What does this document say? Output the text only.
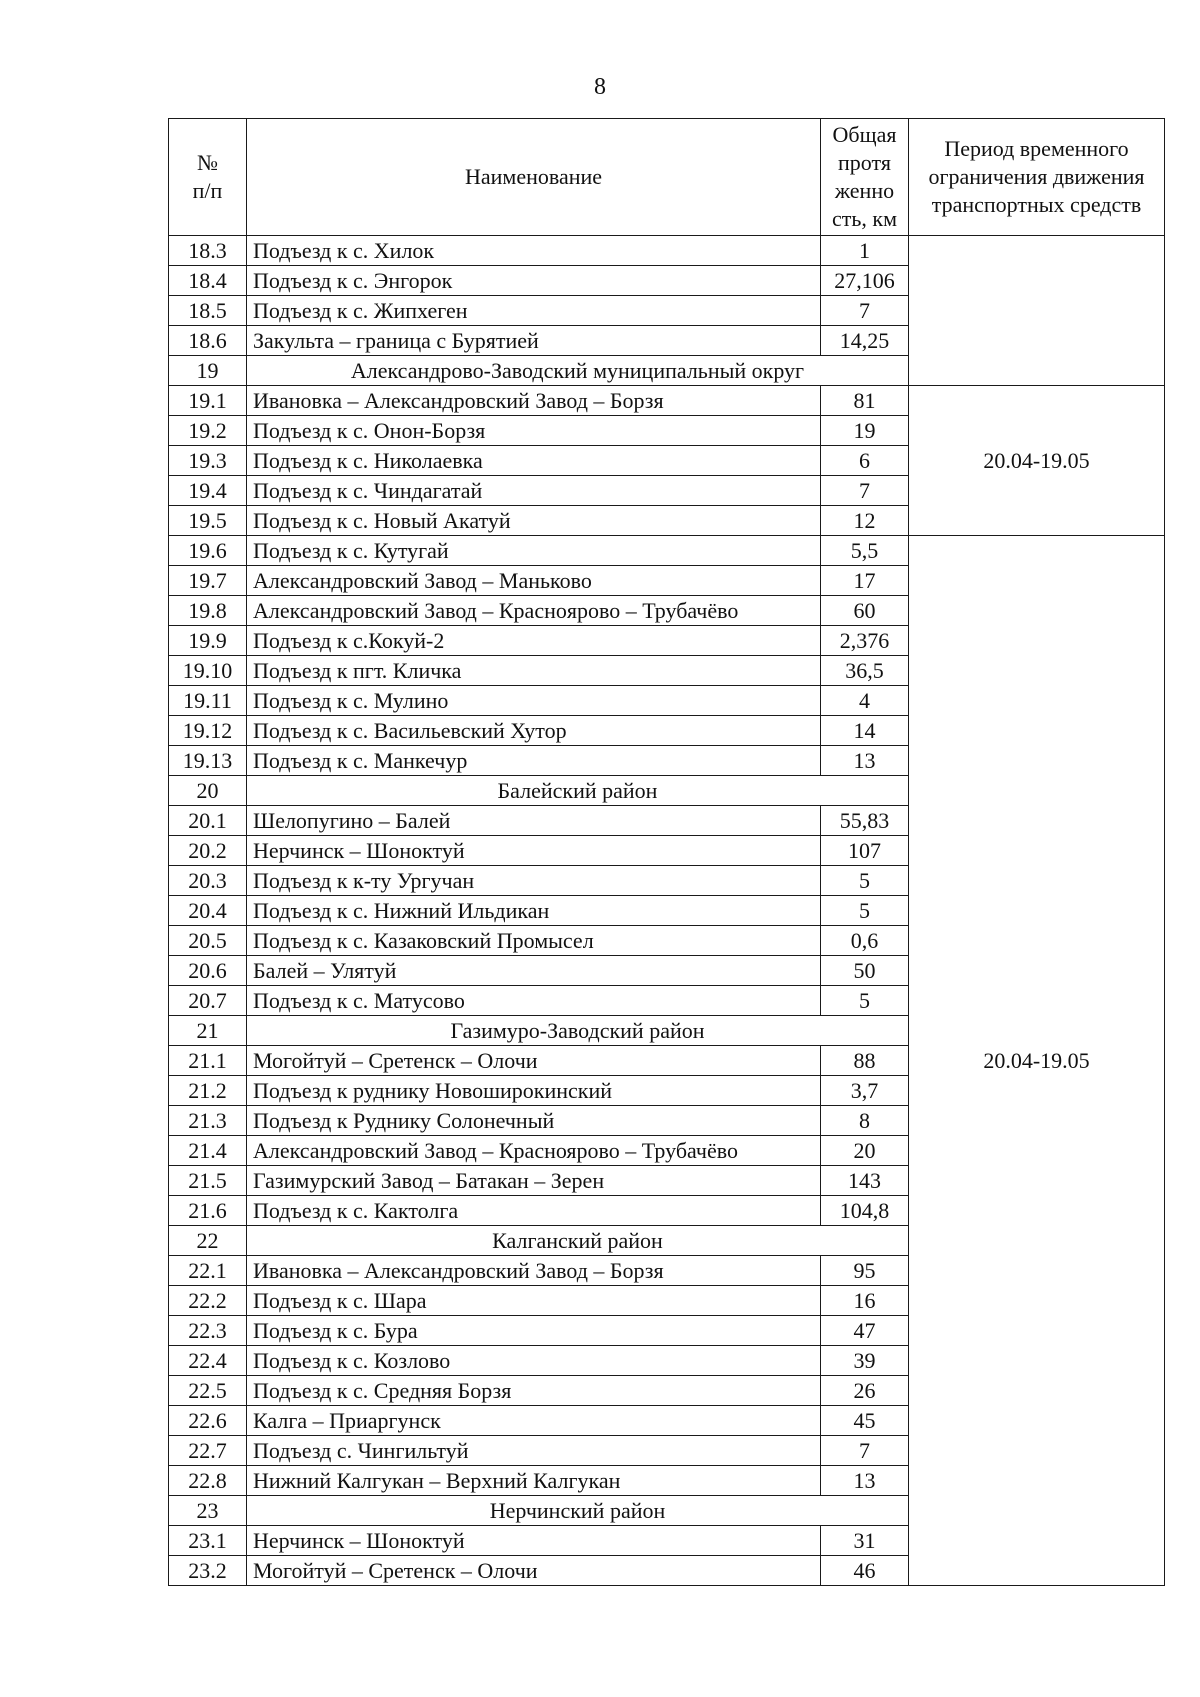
8
№
п/п	Наименование	Общая
протя
женно
сть, км	Период временного
ограничения движения
транспортных средств
18.3	Подъезд к с. Хилок	1	
18.4	Подъезд к с. Энгорок	27,106	
18.5	Подъезд к с. Жипхеген	7	
18.6	Закульта – граница с Бурятией	14,25	
19	Александрово-Заводский муниципальный округ		
19.1	Ивановка – Александровский Завод – Борзя	81	20.04-19.05
19.2	Подъезд к с. Онон-Борзя	19	
19.3	Подъезд к с. Николаевка	6	
19.4	Подъезд к с. Чиндагатай	7	
19.5	Подъезд к с. Новый Акатуй	12	
19.6	Подъезд к с. Кутугай	5,5	20.04-19.05
19.7	Александровский Завод – Маньково	17	
19.8	Александровский Завод – Краснoярово – Трубачёво	60	
19.9	Подъезд к с.Кокуй-2	2,376	
19.10	Подъезд к пгт. Кличка	36,5	
19.11	Подъезд к с. Мулино	4	
19.12	Подъезд к с. Васильевский Хутор	14	
19.13	Подъезд к с. Манкечур	13	
20	Балейский район		
20.1	Шелопугино – Балей	55,83	
20.2	Нерчинск – Шоноктуй	107	
20.3	Подъезд к к-ту Ургучан	5	
20.4	Подъезд к с. Нижний Ильдикан	5	
20.5	Подъезд к с. Казаковский Промысел	0,6	
20.6	Балей – Улятуй	50	
20.7	Подъезд к с. Матусово	5	
21	Газимуро-Заводский район		
21.1	Могойтуй – Сретенск – Олочи	88	
21.2	Подъезд к руднику Новоширокинский	3,7	
21.3	Подъезд к Руднику Солонечный	8	
21.4	Александровский Завод – Красноярово – Трубачёво	20	
21.5	Газимурский Завод – Батакан – Зерен	143	
21.6	Подъезд к с. Кактолга	104,8	
22	Калганский район		
22.1	Ивановка – Александровский Завод – Борзя	95	
22.2	Подъезд к с. Шара	16	
22.3	Подъезд к с. Бура	47	
22.4	Подъезд к с. Козлово	39	
22.5	Подъезд к с. Средняя Борзя	26	
22.6	Калга – Приаргунск	45	
22.7	Подъезд с. Чингильтуй	7	
22.8	Нижний Калгукан – Верхний Калгукан	13	
23	Нерчинский район		
23.1	Нерчинск – Шоноктуй	31	
23.2	Могойтуй – Сретенск – Олочи	46	
